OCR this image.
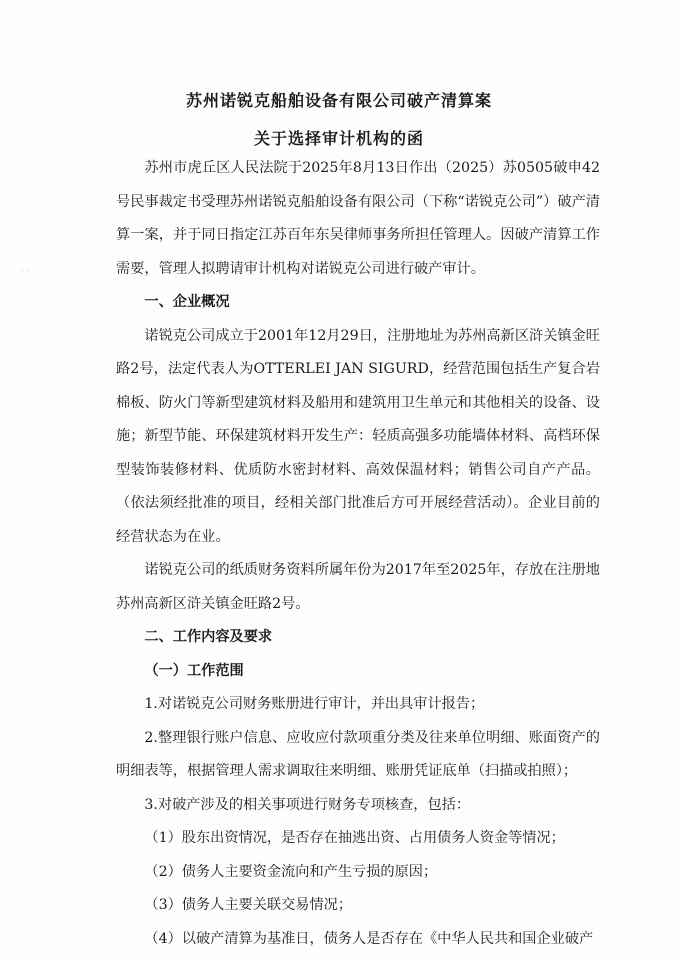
苏州诺锐克船舶设备有限公司破产清算案
关于选择审计机构的函
⁻ ⁻

苏州市虎丘区人民法院于2025年8月13日作出（2025）苏0505破申42号民事裁定书受理苏州诺锐克船舶设备有限公司（下称“诺锐克公司”）破产清算一案，并于同日指定江苏百年东吴律师事务所担任管理人。因破产清算工作需要，管理人拟聘请审计机构对诺锐克公司进行破产审计。

一、企业概况

诺锐克公司成立于2001年12月29日，注册地址为苏州高新区浒关镇金旺路2号，法定代表人为OTTERLEI JAN SIGURD，经营范围包括生产复合岩棉板、防火门等新型建筑材料及船用和建筑用卫生单元和其他相关的设备、设施；新型节能、环保建筑材料开发生产：轻质高强多功能墙体材料、高档环保型装饰装修材料、优质防水密封材料、高效保温材料；销售公司自产产品。（依法须经批准的项目，经相关部门批准后方可开展经营活动）。企业目前的经营状态为在业。

诺锐克公司的纸质财务资料所属年份为2017年至2025年，存放在注册地苏州高新区浒关镇金旺路2号。

二、工作内容及要求

（一）工作范围

1.对诺锐克公司财务账册进行审计，并出具审计报告；

2.整理银行账户信息、应收应付款项重分类及往来单位明细、账面资产的明细表等，根据管理人需求调取往来明细、账册凭证底单（扫描或拍照）；

3.对破产涉及的相关事项进行财务专项核查，包括：

（1）股东出资情况，是否存在抽逃出资、占用债务人资金等情况；

（2）债务人主要资金流向和产生亏损的原因；

（3）债务人主要关联交易情况；

（4）以破产清算为基准日，债务人是否存在《中华人民共和国企业破产
